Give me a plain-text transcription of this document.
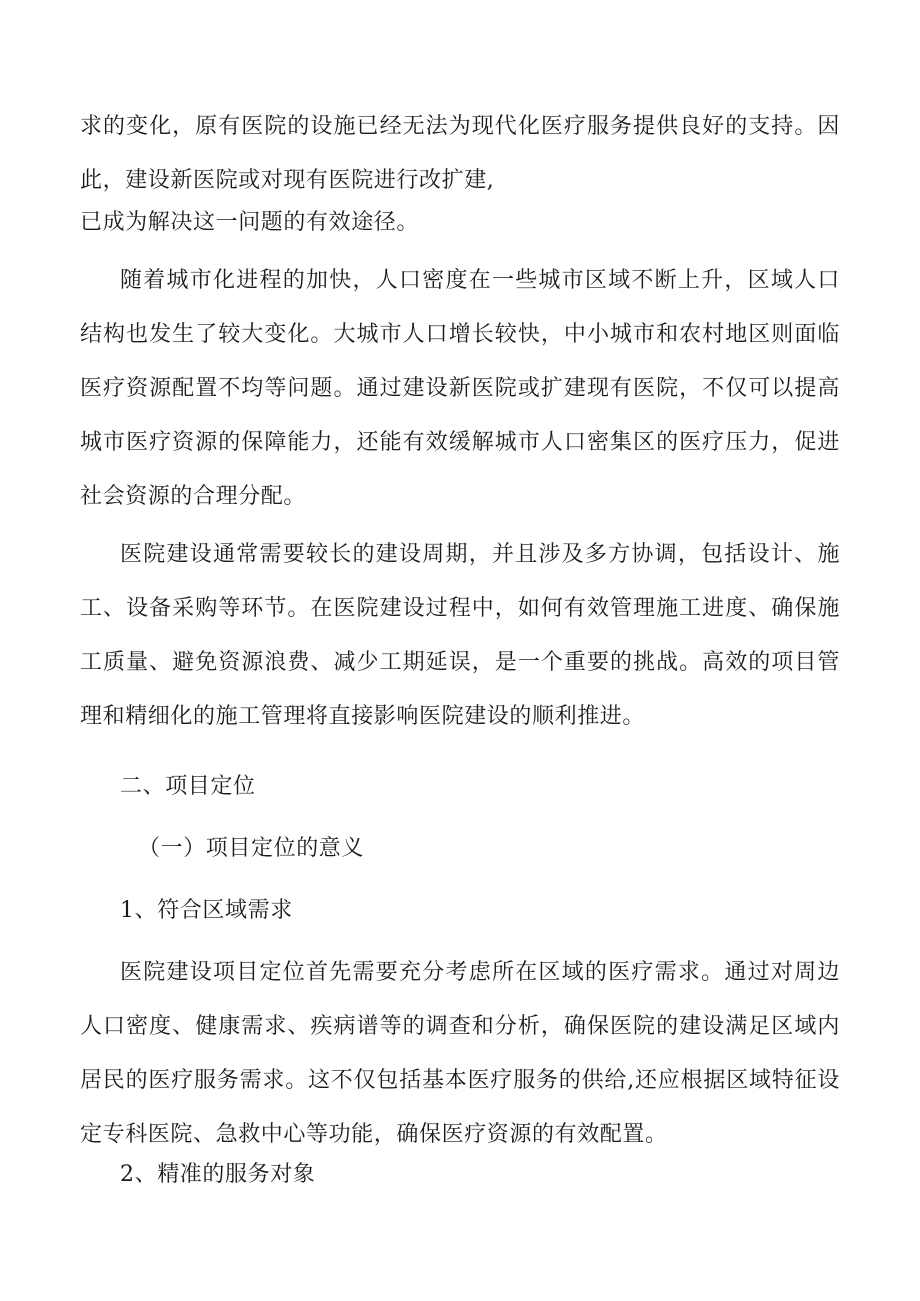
求的变化，原有医院的设施已经无法为现代化医疗服务提供良好的支持。因
此，建设新医院或对现有医院进行改扩建,
已成为解决这一问题的有效途径。
随着城市化进程的加快，人口密度在一些城市区域不断上升，区域人口
结构也发生了较大变化。大城市人口增长较快，中小城市和农村地区则面临
医疗资源配置不均等问题。通过建设新医院或扩建现有医院，不仅可以提高
城市医疗资源的保障能力，还能有效缓解城市人口密集区的医疗压力，促进
社会资源的合理分配。
医院建设通常需要较长的建设周期，并且涉及多方协调，包括设计、施
工、设备采购等环节。在医院建设过程中，如何有效管理施工进度、确保施
工质量、避免资源浪费、减少工期延误，是一个重要的挑战。高效的项目管
理和精细化的施工管理将直接影响医院建设的顺利推进。
二、项目定位
（一）项目定位的意义
1、符合区域需求
医院建设项目定位首先需要充分考虑所在区域的医疗需求。通过对周边
人口密度、健康需求、疾病谱等的调查和分析，确保医院的建设满足区域内
居民的医疗服务需求。这不仅包括基本医疗服务的供给,还应根据区域特征设
定专科医院、急救中心等功能，确保医疗资源的有效配置。
2、精准的服务对象
